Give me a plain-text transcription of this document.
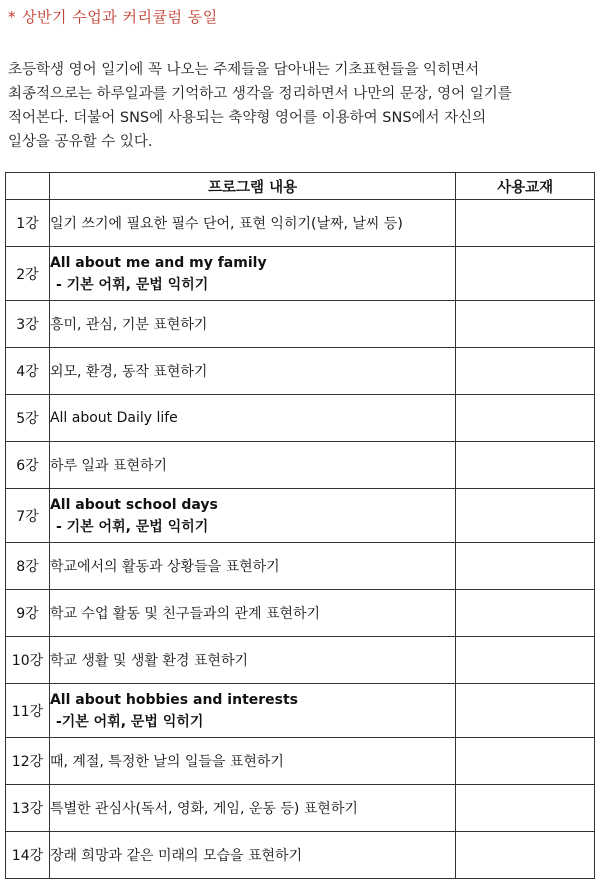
* 상반기 수업과 커리큘럼 동일

초등학생 영어 일기에 꼭 나오는 주제들을 담아내는 기초표현들을 익히면서

최종적으로는 하루일과를 기억하고 생각을 정리하면서 나만의 문장, 영어 일기를

적어본다. 더불어 SNS에 사용되는 축약형 영어를 이용하여 SNS에서 자신의

일상을 공유할 수 있다.

	프로그램 내용	사용교재
1강	일기 쓰기에 필요한 필수 단어, 표현 익히기(날짜, 날씨 등)	
2강	All about me and my family
- 기본 어휘, 문법 익히기	

3강	흥미, 관심, 기분 표현하기	
4강	외모, 환경, 동작 표현하기	
5강	All about Daily life	
6강	하루 일과 표현하기	
7강	All about school days
- 기본 어휘, 문법 익히기	

8강	학교에서의 활동과 상황들을 표현하기	
9강	학교 수업 활동 및 친구들과의 관계 표현하기	
10강	학교 생활 및 생활 환경 표현하기	
11강	All about hobbies and interests
-기본 어휘, 문법 익히기	

12강	때, 계절, 특정한 날의 일들을 표현하기	
13강	특별한 관심사(독서, 영화, 게임, 운동 등) 표현하기	
14강	장래 희망과 같은 미래의 모습을 표현하기	
